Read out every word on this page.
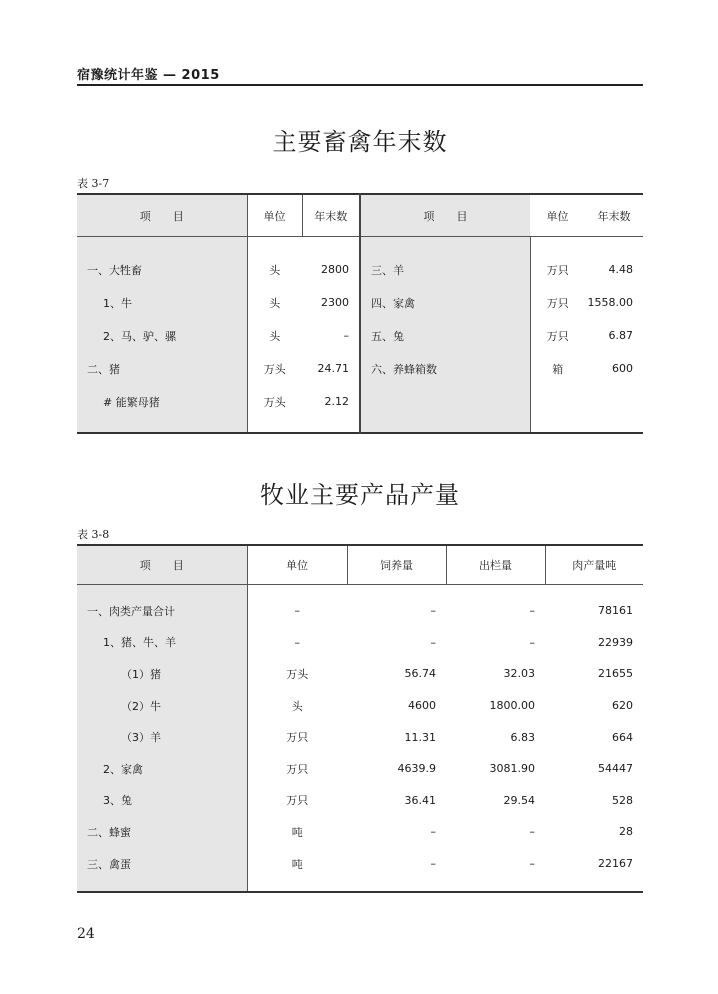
宿豫统计年鉴 — 2015
主要畜禽年末数
表 3-7
项　　目	单位	年末数	项　　目	单位	年末数

一、大牲畜	头	2800	三、羊	万只	4.48
1、牛	头	2300	四、家禽	万只	1558.00
2、马、驴、骡	头	–	五、兔	万只	6.87
二、猪	万头	24.71	六、养蜂箱数	箱	600
# 能繁母猪	万头	2.12			

牧业主要产品产量
表 3-8
项　　目	单位	饲养量	出栏量	肉产量吨

一、肉类产量合计	–	–	–	78161
1、猪、牛、羊	–	–	–	22939
（1）猪	万头	56.74	32.03	21655
（2）牛	头	4600	1800.00	620
（3）羊	万只	11.31	6.83	664
2、家禽	万只	4639.9	3081.90	54447
3、兔	万只	36.41	29.54	528
二、蜂蜜	吨	–	–	28
三、禽蛋	吨	–	–	22167

24
